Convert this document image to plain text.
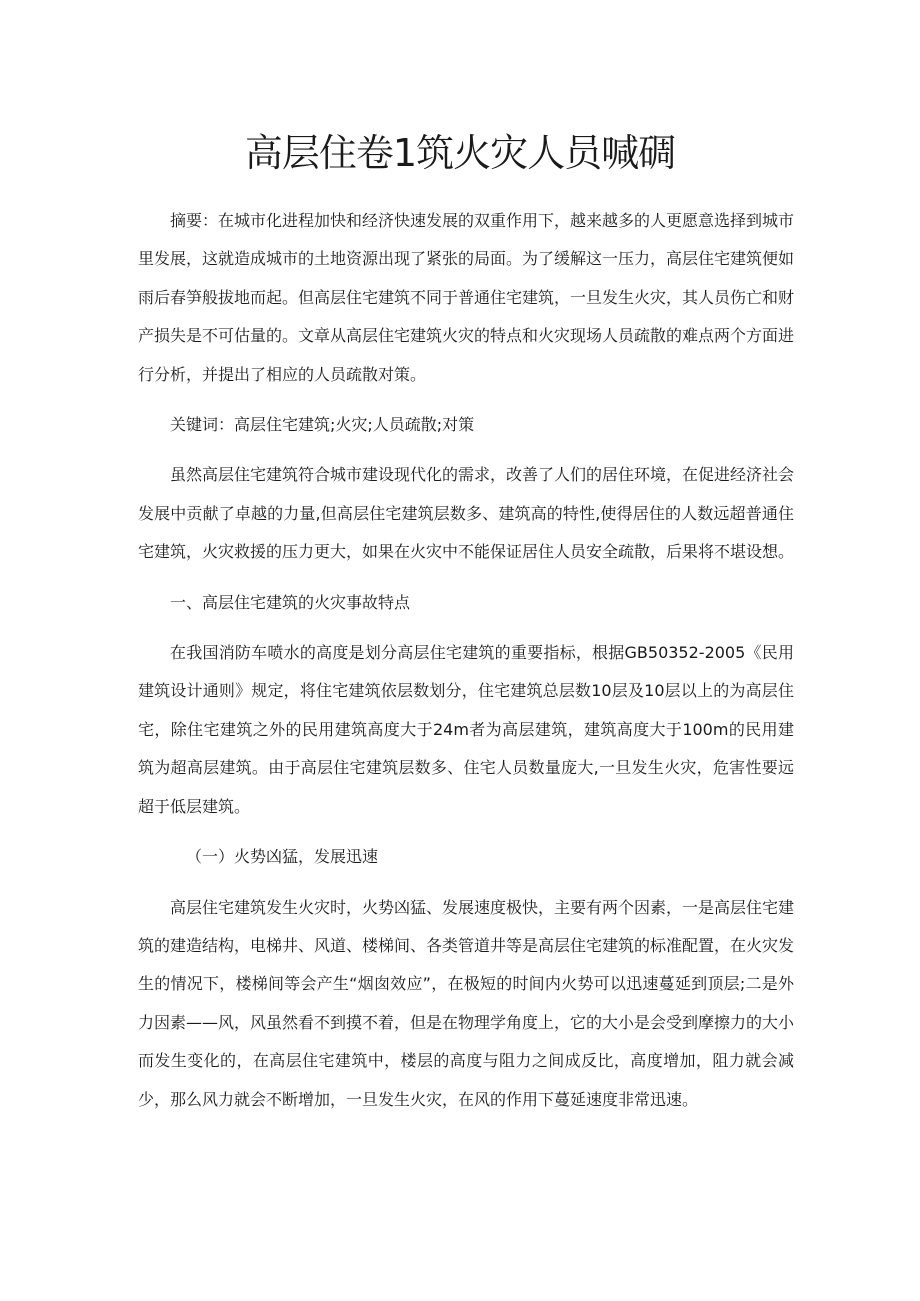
高层住卷1筑火灾人员喊碉

摘要：在城市化进程加快和经济快速发展的双重作用下，越来越多的人更愿意选择到城市里发展，这就造成城市的土地资源出现了紧张的局面。为了缓解这一压力，高层住宅建筑便如雨后春笋般拔地而起。但高层住宅建筑不同于普通住宅建筑，一旦发生火灾，其人员伤亡和财产损失是不可估量的。文章从高层住宅建筑火灾的特点和火灾现场人员疏散的难点两个方面进行分析，并提出了相应的人员疏散对策。

关键词：高层住宅建筑;火灾;人员疏散;对策

虽然高层住宅建筑符合城市建设现代化的需求，改善了人们的居住环境，在促进经济社会发展中贡献了卓越的力量,但高层住宅建筑层数多、建筑高的特性,使得居住的人数远超普通住宅建筑，火灾救援的压力更大，如果在火灾中不能保证居住人员安全疏散，后果将不堪设想。

一、高层住宅建筑的火灾事故特点

在我国消防车喷水的高度是划分高层住宅建筑的重要指标，根据GB50352-2005《民用建筑设计通则》规定，将住宅建筑依层数划分，住宅建筑总层数10层及10层以上的为高层住宅，除住宅建筑之外的民用建筑高度大于24m者为高层建筑，建筑高度大于100m的民用建筑为超高层建筑。由于高层住宅建筑层数多、住宅人员数量庞大,一旦发生火灾，危害性要远超于低层建筑。

（一）火势凶猛，发展迅速

高层住宅建筑发生火灾时，火势凶猛、发展速度极快，主要有两个因素，一是高层住宅建筑的建造结构，电梯井、风道、楼梯间、各类管道井等是高层住宅建筑的标准配置，在火灾发生的情况下，楼梯间等会产生“烟囱效应”，在极短的时间内火势可以迅速蔓延到顶层;二是外力因素——风，风虽然看不到摸不着，但是在物理学角度上，它的大小是会受到摩擦力的大小而发生变化的，在高层住宅建筑中，楼层的高度与阻力之间成反比，高度增加，阻力就会减少，那么风力就会不断增加，一旦发生火灾，在风的作用下蔓延速度非常迅速。
